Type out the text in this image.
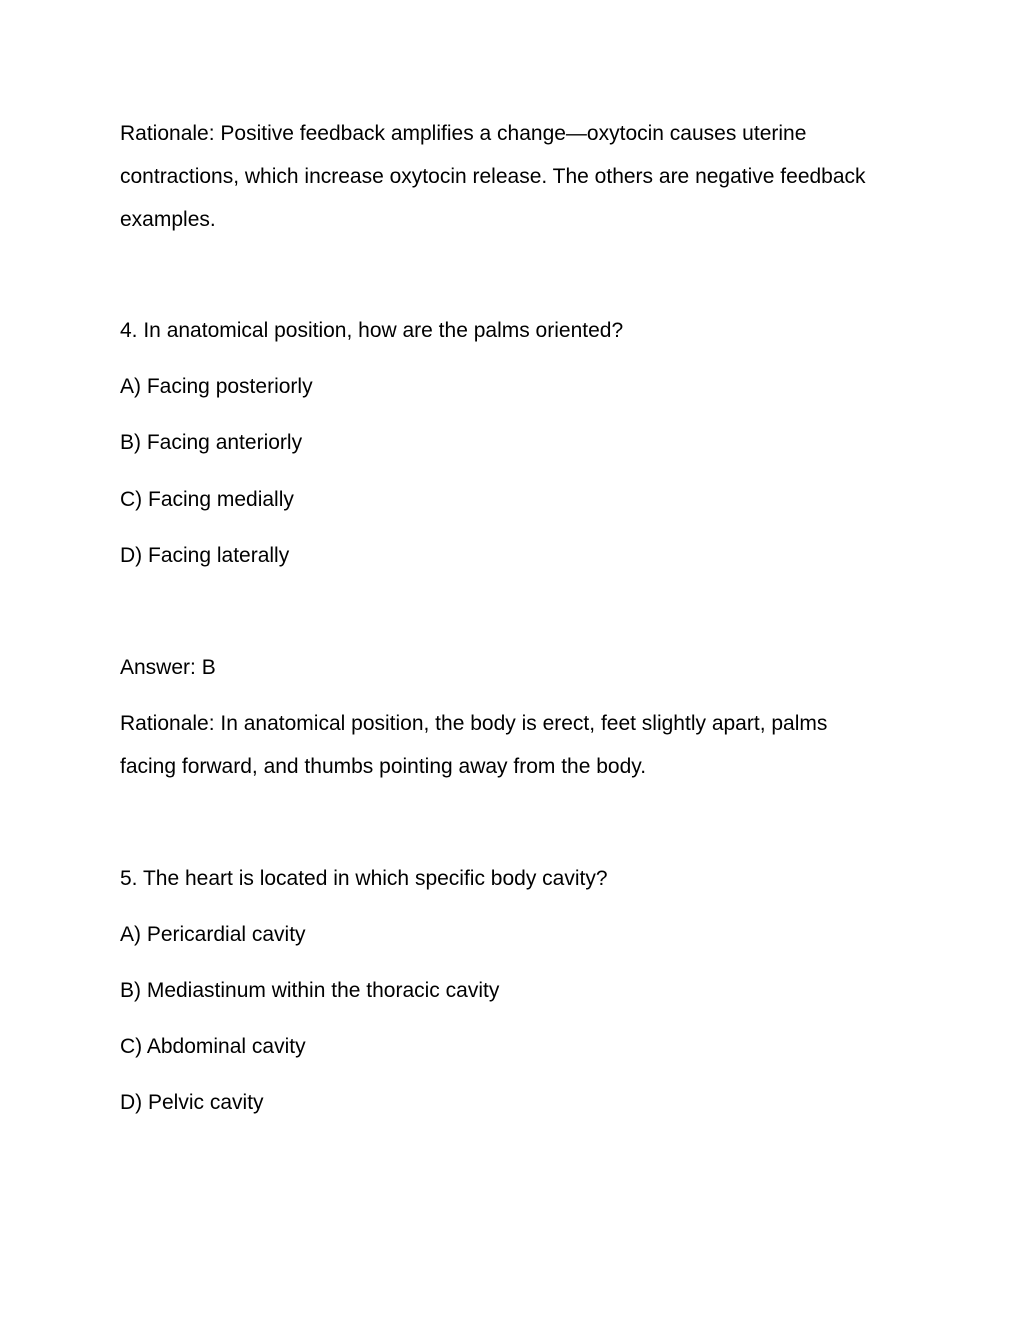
Rationale: Positive feedback amplifies a change—oxytocin causes uterine
contractions, which increase oxytocin release. The others are negative feedback
examples.
4. In anatomical position, how are the palms oriented?
A) Facing posteriorly
B) Facing anteriorly
C) Facing medially
D) Facing laterally
Answer: B
Rationale: In anatomical position, the body is erect, feet slightly apart, palms
facing forward, and thumbs pointing away from the body.
5. The heart is located in which specific body cavity?
A) Pericardial cavity
B) Mediastinum within the thoracic cavity
C) Abdominal cavity
D) Pelvic cavity
